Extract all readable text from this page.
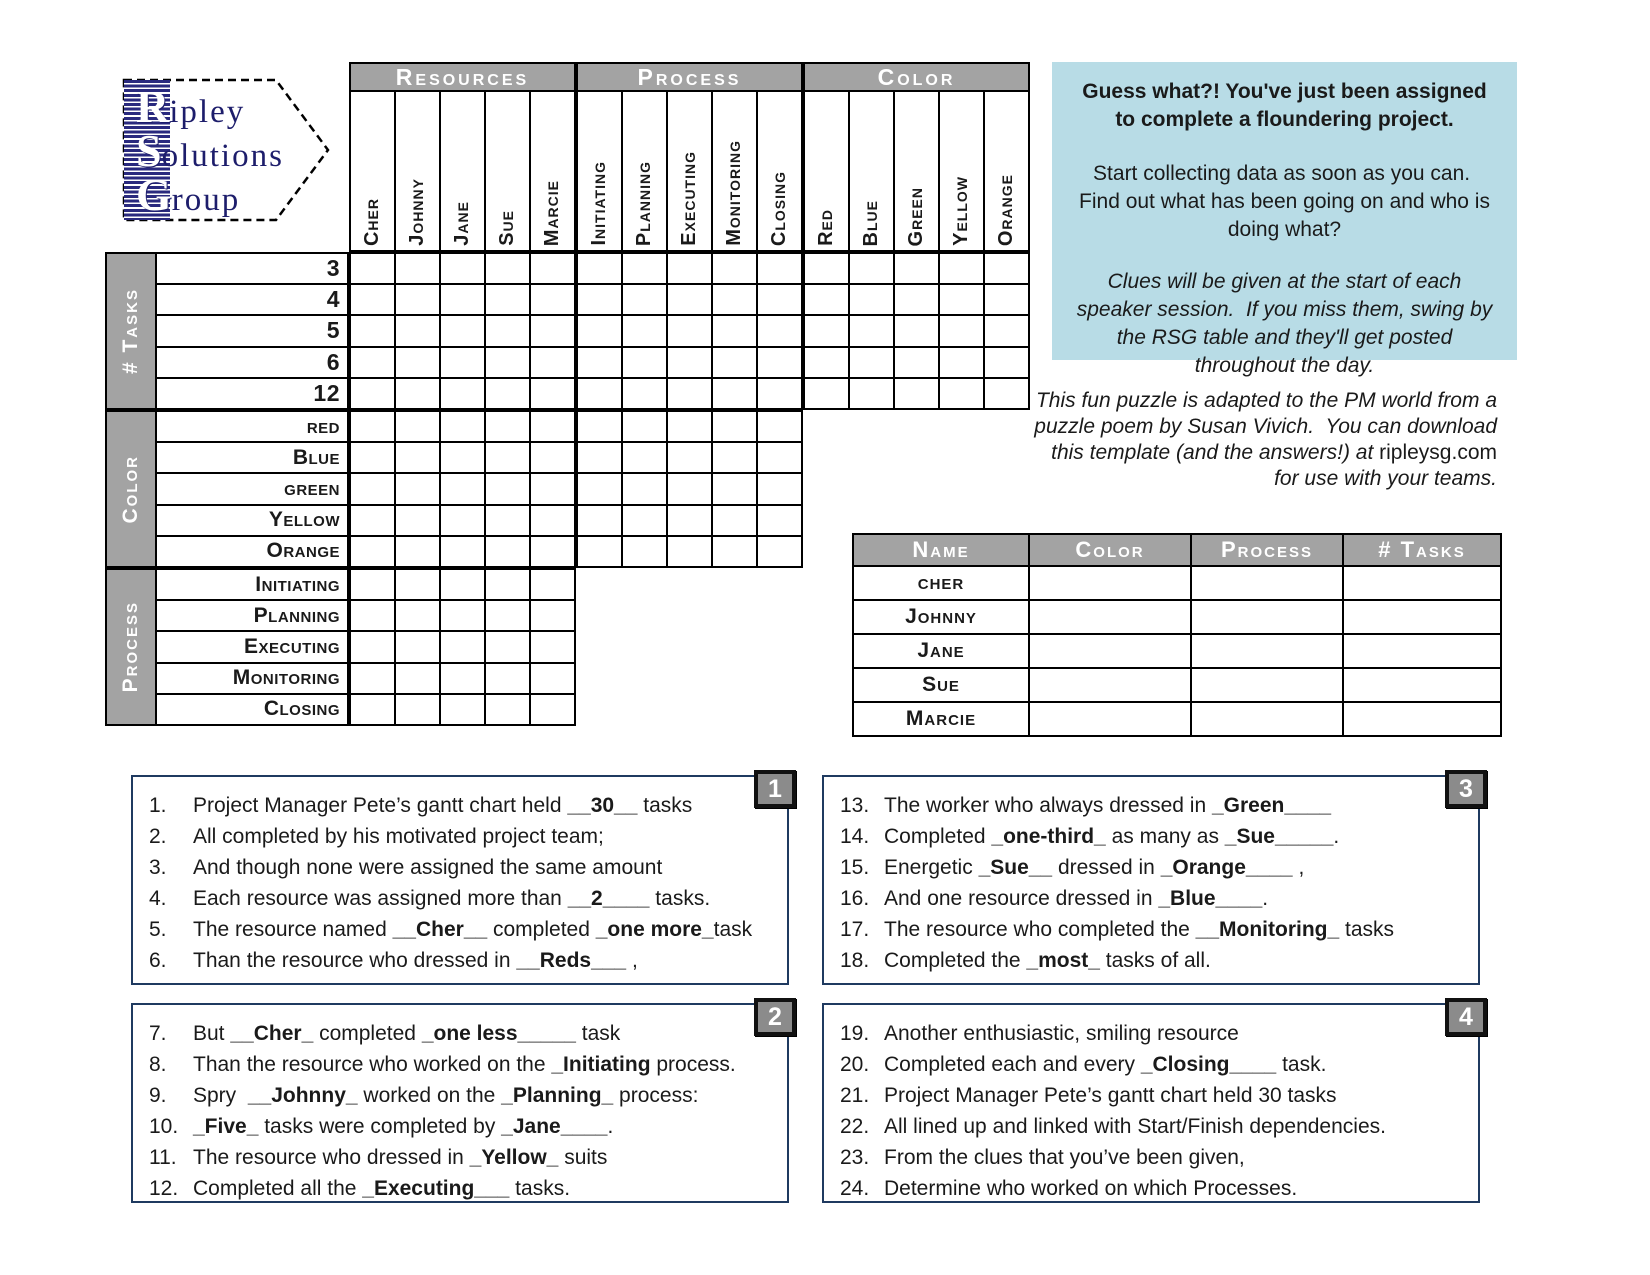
Ripley
Solutions
Group
Resources
Cher Johnny Jane Sue Marcie
Process
Initiating Planning Executing Monitoring Closing
Color
Red Blue Green Yellow Orange
# Tasks
3
4
5
6
12
Color
red
Blue
green
Yellow
Orange
Process
Initiating
Planning
Executing
Monitoring
Closing
Guess what?! You've just been assigned to complete a floundering project.
Start collecting data as soon as you can.  Find out what has been going on and who is doing what?
Clues will be given at the start of each speaker session.  If you miss them, swing by the RSG table and they'll get posted throughout the day.
This fun puzzle is adapted to the PM world from a
puzzle poem by Susan Vivich.  You can download
this template (and the answers!) at ripleysg.com
for use with your teams.
Name	Color	Process	# Tasks
cher
Johnny
Jane
Sue
Marcie
1
1.	Project Manager Pete’s gantt chart held __30__ tasks
2.	All completed by his motivated project team;
3.	And though none were assigned the same amount
4.	Each resource was assigned more than __2____ tasks.
5.	The resource named __Cher__ completed _one more_task
6.	Than the resource who dressed in __Reds___ ,
2
7.	But __Cher_ completed _one less_____ task
8.	Than the resource who worked on the _Initiating process.
9.	Spry  __Johnny_ worked on the _Planning_ process:
10. _Five_ tasks were completed by _Jane____.
11. The resource who dressed in _Yellow_ suits
12. Completed all the _Executing___ tasks.
3
13. The worker who always dressed in _Green____
14. Completed _one-third_ as many as _Sue_____.
15. Energetic _Sue__ dressed in _Orange____ ,
16. And one resource dressed in _Blue____.
17. The resource who completed the __Monitoring_ tasks
18. Completed the _most_ tasks of all.
4
19. Another enthusiastic, smiling resource
20. Completed each and every _Closing____ task.
21. Project Manager Pete’s gantt chart held 30 tasks
22. All lined up and linked with Start/Finish dependencies.
23. From the clues that you’ve been given,
24. Determine who worked on which Processes.
